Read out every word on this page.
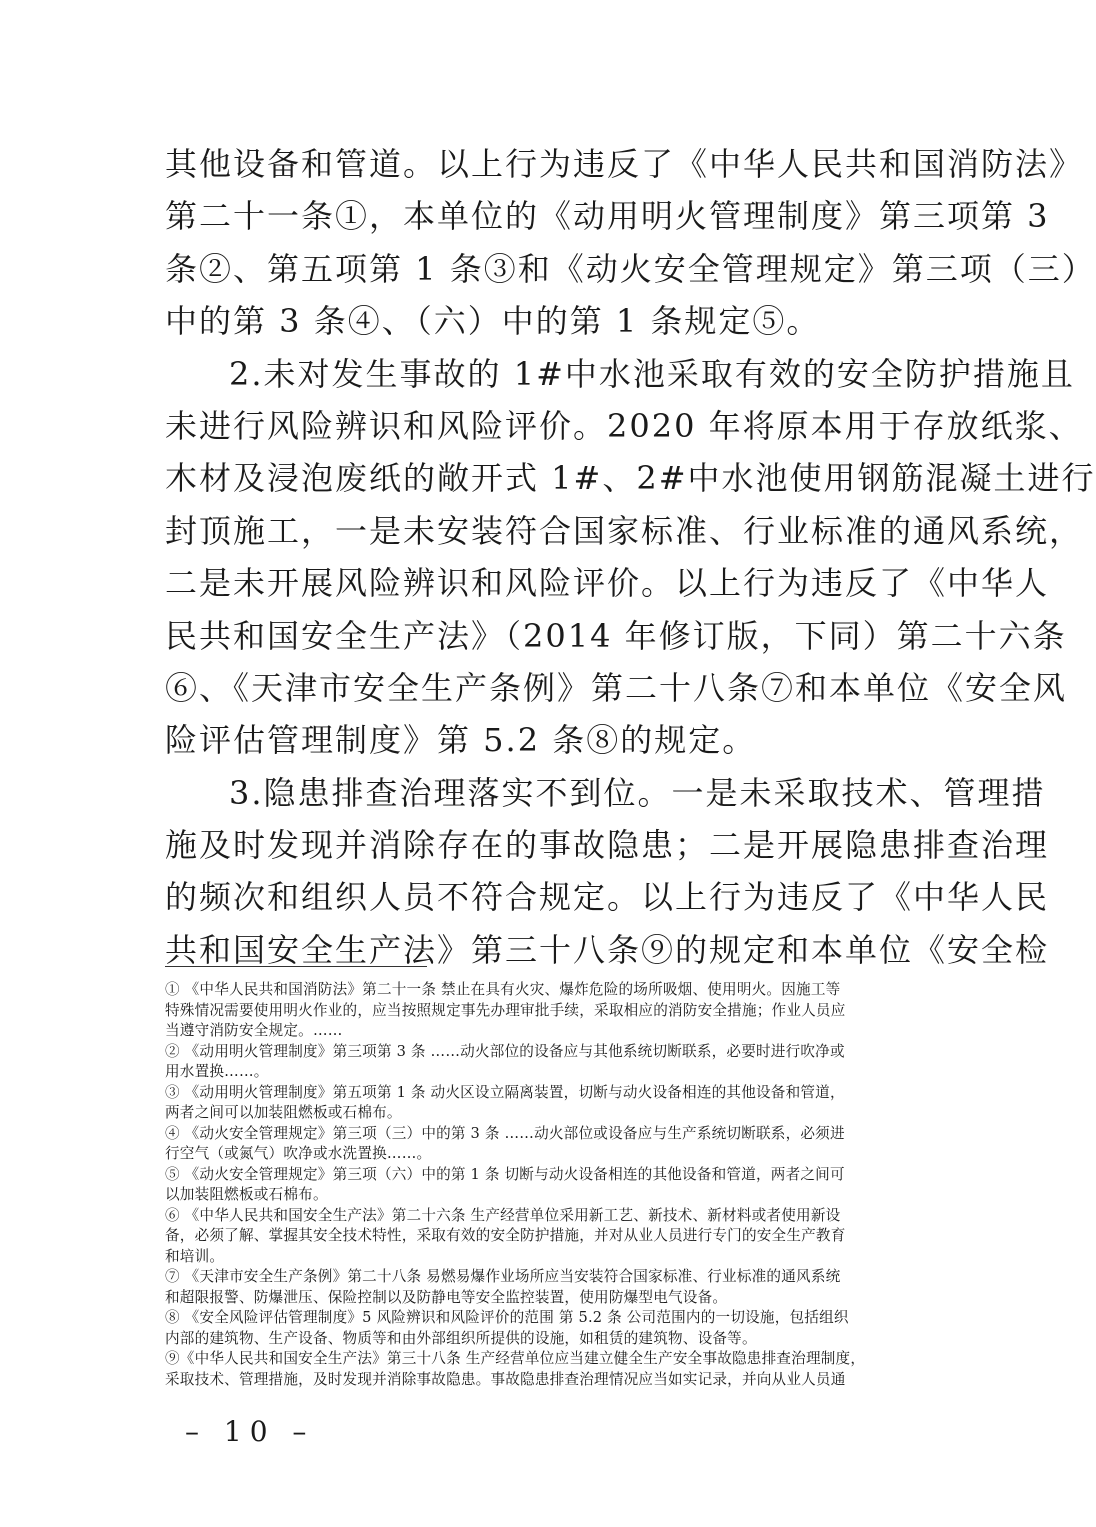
其他设备和管道。以上行为违反了《中华人民共和国消防法》
第二十一条①，本单位的《动用明火管理制度》第三项第 3
条②、第五项第 1 条③和《动火安全管理规定》第三项（三）
中的第 3 条④、（六）中的第 1 条规定⑤。
2.未对发生事故的 1#中水池采取有效的安全防护措施且
未进行风险辨识和风险评价。2020 年将原本用于存放纸浆、
木材及浸泡废纸的敞开式 1#、2#中水池使用钢筋混凝土进行
封顶施工，一是未安装符合国家标准、行业标准的通风系统，
二是未开展风险辨识和风险评价。以上行为违反了《中华人
民共和国安全生产法》（2014 年修订版，下同）第二十六条
⑥、《天津市安全生产条例》第二十八条⑦和本单位《安全风
险评估管理制度》第 5.2 条⑧的规定。
3.隐患排查治理落实不到位。一是未采取技术、管理措
施及时发现并消除存在的事故隐患；二是开展隐患排查治理
的频次和组织人员不符合规定。以上行为违反了《中华人民
共和国安全生产法》第三十八条⑨的规定和本单位《安全检
① 《中华人民共和国消防法》第二十一条 禁止在具有火灾、爆炸危险的场所吸烟、使用明火。因施工等
特殊情况需要使用明火作业的，应当按照规定事先办理审批手续，采取相应的消防安全措施；作业人员应
当遵守消防安全规定。……
② 《动用明火管理制度》第三项第 3 条 ……动火部位的设备应与其他系统切断联系，必要时进行吹净或
用水置换……。
③ 《动用明火管理制度》第五项第 1 条 动火区设立隔离装置，切断与动火设备相连的其他设备和管道，
两者之间可以加装阻燃板或石棉布。
④ 《动火安全管理规定》第三项（三）中的第 3 条 ……动火部位或设备应与生产系统切断联系，必须进
行空气（或氮气）吹净或水洗置换……。
⑤ 《动火安全管理规定》第三项（六）中的第 1 条 切断与动火设备相连的其他设备和管道，两者之间可
以加装阻燃板或石棉布。
⑥ 《中华人民共和国安全生产法》第二十六条 生产经营单位采用新工艺、新技术、新材料或者使用新设
备，必须了解、掌握其安全技术特性，采取有效的安全防护措施，并对从业人员进行专门的安全生产教育
和培训。
⑦ 《天津市安全生产条例》第二十八条 易燃易爆作业场所应当安装符合国家标准、行业标准的通风系统
和超限报警、防爆泄压、保险控制以及防静电等安全监控装置，使用防爆型电气设备。
⑧ 《安全风险评估管理制度》5 风险辨识和风险评价的范围 第 5.2 条 公司范围内的一切设施，包括组织
内部的建筑物、生产设备、物质等和由外部组织所提供的设施，如租赁的建筑物、设备等。
⑨《中华人民共和国安全生产法》第三十八条 生产经营单位应当建立健全生产安全事故隐患排查治理制度，
采取技术、管理措施，及时发现并消除事故隐患。事故隐患排查治理情况应当如实记录，并向从业人员通
– 10 –
